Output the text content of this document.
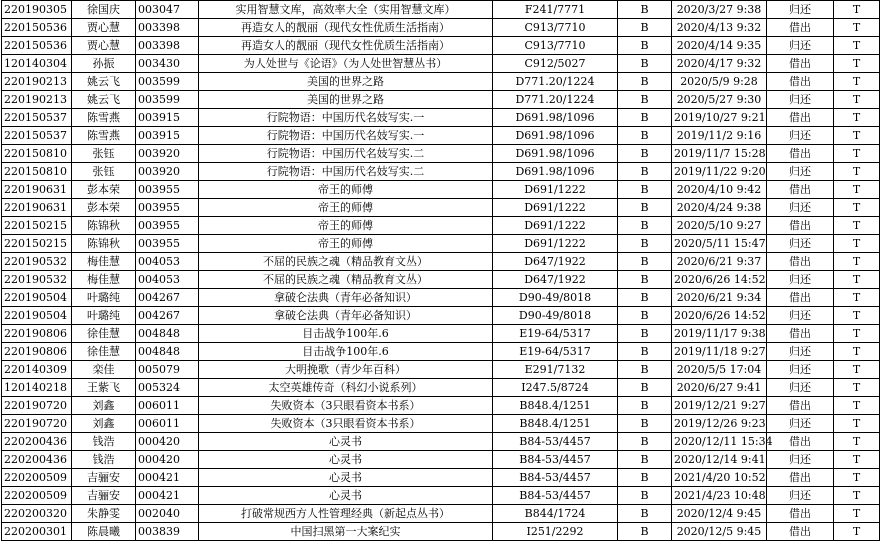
220190305	徐国庆	003047	实用智慧文库，高效率大全（实用智慧文库）	F241/7771	B	2020/3/27 9:38	归还	T
220150536	贾心慧	003398	再造女人的靓丽（现代女性优质生活指南）	C913/7710	B	2020/4/13 9:32	借出	T
220150536	贾心慧	003398	再造女人的靓丽（现代女性优质生活指南）	C913/7710	B	2020/4/14 9:35	归还	T
120140304	孙振	003430	为人处世与《论语》（为人处世智慧丛书）	C912/5027	B	2020/4/17 9:32	借出	T
220190213	姚云飞	003599	美国的世界之路	D771.20/1224	B	2020/5/9 9:28	借出	T
220190213	姚云飞	003599	美国的世界之路	D771.20/1224	B	2020/5/27 9:30	归还	T
220150537	陈雪燕	003915	行院物语：中国历代名妓写实.一	D691.98/1096	B	2019/10/27 9:21	借出	T
220150537	陈雪燕	003915	行院物语：中国历代名妓写实.一	D691.98/1096	B	2019/11/2 9:16	归还	T
220150810	张钰	003920	行院物语：中国历代名妓写实.二	D691.98/1096	B	2019/11/7 15:28	借出	T
220150810	张钰	003920	行院物语：中国历代名妓写实.二	D691.98/1096	B	2019/11/22 9:20	归还	T
220190631	彭本荣	003955	帝王的师傅	D691/1222	B	2020/4/10 9:42	借出	T
220190631	彭本荣	003955	帝王的师傅	D691/1222	B	2020/4/24 9:38	归还	T
220150215	陈锦秋	003955	帝王的师傅	D691/1222	B	2020/5/10 9:27	借出	T
220150215	陈锦秋	003955	帝王的师傅	D691/1222	B	2020/5/11 15:47	归还	T
220190532	梅佳慧	004053	不屈的民族之魂（精品教育文丛）	D647/1922	B	2020/6/21 9:37	借出	T
220190532	梅佳慧	004053	不屈的民族之魂（精品教育文丛）	D647/1922	B	2020/6/26 14:52	归还	T
220190504	叶璐纯	004267	拿破仑法典（青年必备知识）	D90-49/8018	B	2020/6/21 9:34	借出	T
220190504	叶璐纯	004267	拿破仑法典（青年必备知识）	D90-49/8018	B	2020/6/26 14:52	归还	T
220190806	徐佳慧	004848	目击战争100年.6	E19-64/5317	B	2019/11/17 9:38	借出	T
220190806	徐佳慧	004848	目击战争100年.6	E19-64/5317	B	2019/11/18 9:27	归还	T
220140309	栾佳	005079	大明挽歌（青少年百科）	E291/7132	B	2020/5/5 17:04	归还	T
120140218	王紫飞	005324	太空英雄传奇（科幻小说系列）	I247.5/8724	B	2020/6/27 9:41	归还	T
220190720	刘鑫	006011	失败资本（3只眼看资本书系）	B848.4/1251	B	2019/12/21 9:27	借出	T
220190720	刘鑫	006011	失败资本（3只眼看资本书系）	B848.4/1251	B	2019/12/26 9:23	归还	T
220200436	钱浩	000420	心灵书	B84-53/4457	B	2020/12/11 15:34	借出	T
220200436	钱浩	000420	心灵书	B84-53/4457	B	2020/12/14 9:41	归还	T
220200509	吉骊安	000421	心灵书	B84-53/4457	B	2021/4/20 10:52	借出	T
220200509	吉骊安	000421	心灵书	B84-53/4457	B	2021/4/23 10:48	归还	T
220200320	朱静雯	002040	打破常规西方人性管理经典（新起点丛书）	B844/1724	B	2020/12/4 9:45	借出	T
220200301	陈晨曦	003839	中国扫黑第一大案纪实	I251/2292	B	2020/12/5 9:45	借出	T
